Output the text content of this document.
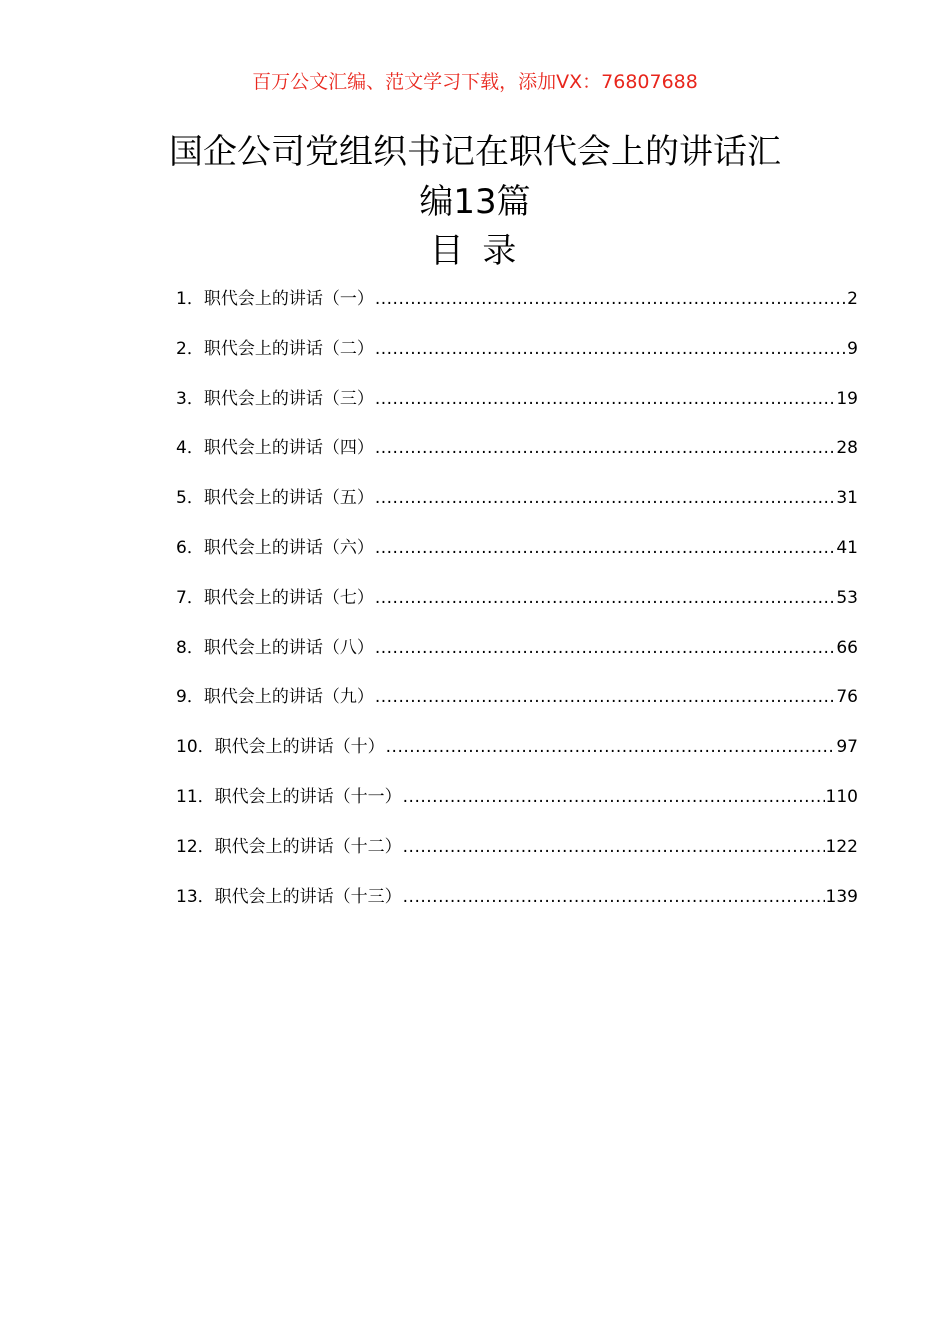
百万公文汇编、范文学习下载，添加VX：76807688
国企公司党组织书记在职代会上的讲话汇
编13篇
目 录
1．职代会上的讲话（一） .....	2
2．职代会上的讲话（二） .....	9
3．职代会上的讲话（三） .....	19
4．职代会上的讲话（四） .....	28
5．职代会上的讲话（五） .....	31
6．职代会上的讲话（六） .....	41
7．职代会上的讲话（七） .....	53
8．职代会上的讲话（八） .....	66
9．职代会上的讲话（九） .....	76
10．职代会上的讲话（十） .....	97
11．职代会上的讲话（十一） .....	110
12．职代会上的讲话（十二） .....	122
13．职代会上的讲话（十三） .....	139
